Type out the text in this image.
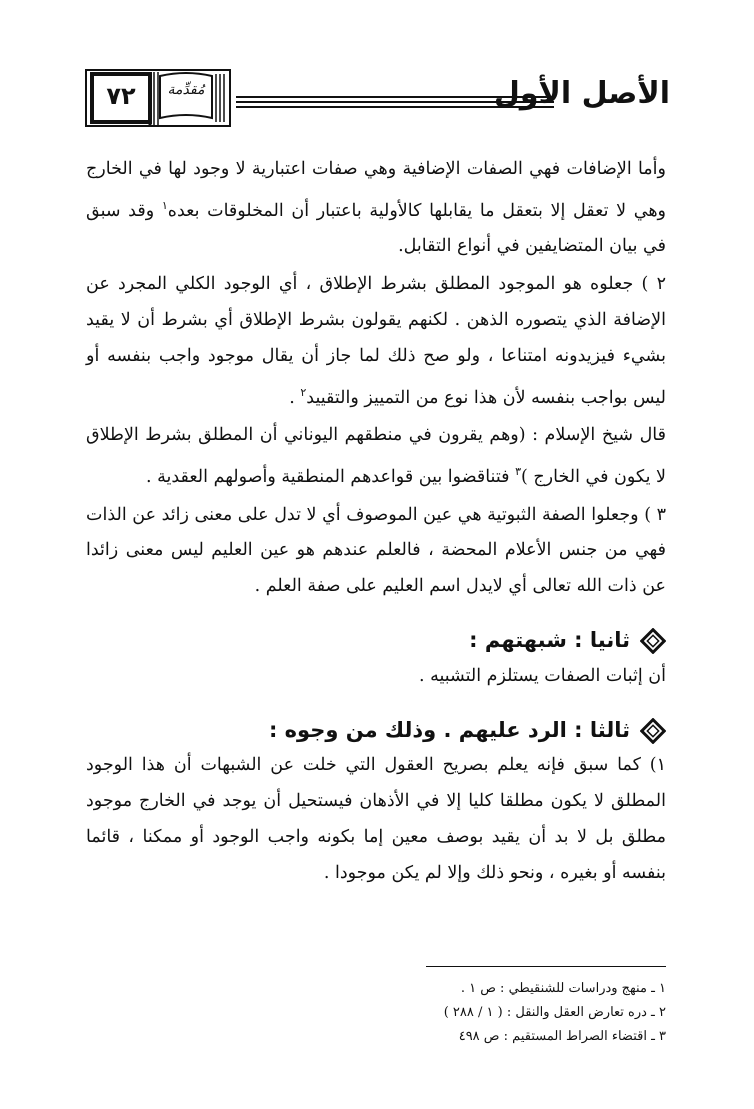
٧٢	مُقدِّمة	الأصل الأول

وأما الإضافات فهي الصفات الإضافية وهي صفات اعتبارية لا وجود لها في الخارج وهي لا تعقل إلا بتعقل ما يقابلها كالأولية باعتبار أن المخلوقات بعده$^١$ وقد سبق في بيان المتضايفين في أنواع التقابل.

٢ ) جعلوه هو الموجود المطلق بشرط الإطلاق ، أي الوجود الكلي المجرد عن الإضافة الذي يتصوره الذهن . لكنهم يقولون بشرط الإطلاق أي بشرط أن لا يقيد بشيء فيزيدونه امتناعا ، ولو صح ذلك لما جاز أن يقال موجود واجب بنفسه أو ليس بواجب بنفسه لأن هذا نوع من التمييز والتقييد$^٢$ .

قال شيخ الإسلام : (وهم يقرون في منطقهم اليوناني أن المطلق بشرط الإطلاق لا يكون في الخارج )$^٣$ فتناقضوا بين قواعدهم المنطقية وأصولهم العقدية .

٣ ) وجعلوا الصفة الثبوتية هي عين الموصوف أي لا تدل على معنى زائد عن الذات فهي من جنس الأعلام المحضة ، فالعلم عندهم هو عين العليم ليس معنى زائدا عن ذات الله تعالى أي لايدل اسم العليم على صفة العلم .

ثانيا : شبهتهم :

أن إثبات الصفات يستلزم التشبيه .

ثالثا : الرد عليهم . وذلك من وجوه :

١) كما سبق فإنه يعلم بصريح العقول التي خلت عن الشبهات أن هذا الوجود المطلق لا يكون مطلقا كليا إلا في الأذهان فيستحيل أن يوجد في الخارج موجود مطلق بل لا بد أن يقيد بوصف معين إما بكونه واجب الوجود أو ممكنا ، قائما بنفسه أو بغيره ، ونحو ذلك وإلا لم يكن موجودا .

١ ـ منهج ودراسات للشنقيطي : ص ١ .
٢ ـ دره تعارض العقل والنقل : ( ١ / ٢٨٨ )
٣ ـ اقتضاء الصراط المستقيم : ص ٤٩٨
